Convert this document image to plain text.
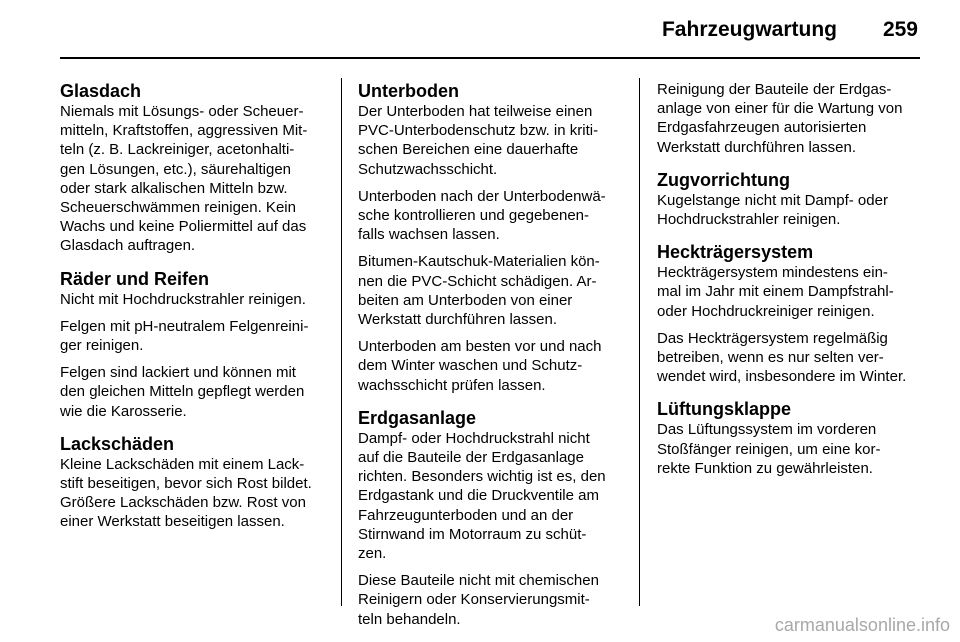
Fahrzeugwartung 259
Glasdach

Niemals mit Lösungs- oder Scheuer-
mitteln, Kraftstoffen, aggressiven Mit-
teln (z. B. Lackreiniger, acetonhalti-
gen Lösungen, etc.), säurehaltigen
oder stark alkalischen Mitteln bzw.
Scheuerschwämmen reinigen. Kein
Wachs und keine Poliermittel auf das
Glasdach auftragen.

Räder und Reifen

Nicht mit Hochdruckstrahler reinigen.

Felgen mit pH-neutralem Felgenreini-
ger reinigen.

Felgen sind lackiert und können mit
den gleichen Mitteln gepflegt werden
wie die Karosserie.

Lackschäden

Kleine Lackschäden mit einem Lack-
stift beseitigen, bevor sich Rost bildet.
Größere Lackschäden bzw. Rost von
einer Werkstatt beseitigen lassen.

Unterboden

Der Unterboden hat teilweise einen
PVC-Unterbodenschutz bzw. in kriti-
schen Bereichen eine dauerhafte
Schutzwachsschicht.

Unterboden nach der Unterbodenwä-
sche kontrollieren und gegebenen-
falls wachsen lassen.

Bitumen-Kautschuk-Materialien kön-
nen die PVC-Schicht schädigen. Ar-
beiten am Unterboden von einer
Werkstatt durchführen lassen.

Unterboden am besten vor und nach
dem Winter waschen und Schutz-
wachsschicht prüfen lassen.

Erdgasanlage

Dampf- oder Hochdruckstrahl nicht
auf die Bauteile der Erdgasanlage
richten. Besonders wichtig ist es, den
Erdgastank und die Druckventile am
Fahrzeugunterboden und an der
Stirnwand im Motorraum zu schüt-
zen.

Diese Bauteile nicht mit chemischen
Reinigern oder Konservierungsmit-
teln behandeln.

Reinigung der Bauteile der Erdgas-
anlage von einer für die Wartung von
Erdgasfahrzeugen autorisierten
Werkstatt durchführen lassen.

Zugvorrichtung

Kugelstange nicht mit Dampf- oder
Hochdruckstrahler reinigen.

Heckträgersystem

Heckträgersystem mindestens ein-
mal im Jahr mit einem Dampfstrahl-
oder Hochdruckreiniger reinigen.

Das Heckträgersystem regelmäßig
betreiben, wenn es nur selten ver-
wendet wird, insbesondere im Winter.

Lüftungsklappe

Das Lüftungssystem im vorderen
Stoßfänger reinigen, um eine kor-
rekte Funktion zu gewährleisten.

carmanualsonline.info
